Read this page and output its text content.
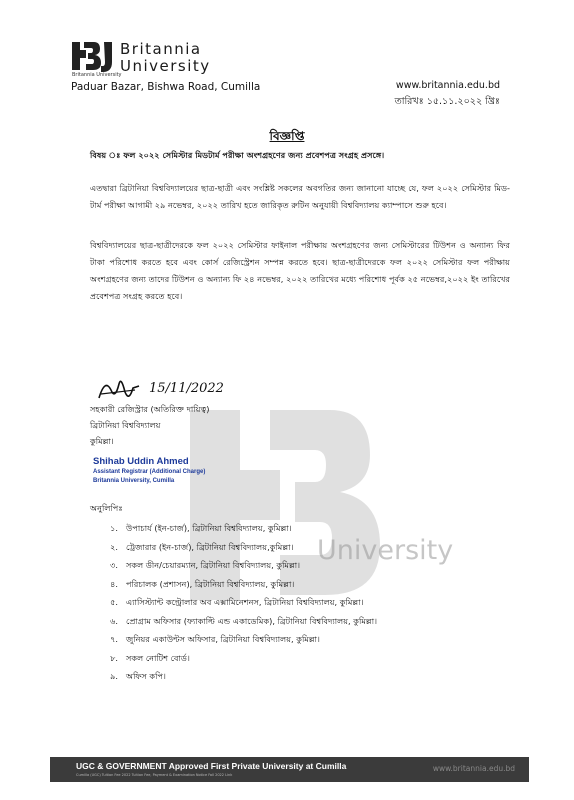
Britannia
University
Britannia University
Paduar Bazar, Bishwa Road, Cumilla	www.britannia.edu.bd
তারিখঃ ১৫.১১.২০২২ খ্রিঃ
University
বিজ্ঞপ্তি
বিষয় ঃ ফল ২০২২ সেমিস্টার মিডটার্ম পরীক্ষা অংশগ্রহণের জন্য প্রবেশপত্র সংগ্রহ প্রসঙ্গে।
এতদ্বারা ব্রিটানিয়া বিশ্ববিদ্যালয়ের ছাত্র-ছাত্রী এবং সংশ্লিষ্ট সকলের অবগতির জন্য জানানো যাচ্ছে যে, ফল ২০২২ সেমিস্টার মিড-টার্ম পরীক্ষা আগামী ২৯ নভেম্বর, ২০২২ তারিখ হতে জারিকৃত রুটিন অনুযায়ী বিশ্ববিদ্যালয় ক্যাম্পাসে শুরু হবে।
বিশ্ববিদ্যালয়ের ছাত্র-ছাত্রীদেরকে ফল ২০২২ সেমিস্টার ফাইনাল পরীক্ষায় অংশগ্রহণের জন্য সেমিস্টারের টিউশন ও অন্যান্য ফির টাকা পরিশোধ করতে হবে এবং কোর্স রেজিস্ট্রেশন সম্পন্ন করতে হবে। ছাত্র-ছাত্রীদেরকে ফল ২০২২ সেমিস্টার ফল পরীক্ষায় অংশগ্রহণের জন্য তাদের টিউশন ও অন্যান্য ফি ২৪ নভেম্বর, ২০২২ তারিখের মধ্যে পরিশোধ পূর্বক ২৫ নভেম্বর,২০২২ ইং তারিখের প্রবেশপত্র সংগ্রহ করতে হবে।
15/11/2022
সহকারী রেজিস্ট্রার (অতিরিক্ত দায়িত্ব)
ব্রিটানিয়া বিশ্ববিদ্যালয়
কুমিল্লা।
Shihab Uddin Ahmed
Assistant Registrar (Additional Charge)
Britannia University, Cumilla
অনুলিপিঃ
১. উপাচার্য (ইন-চার্জ), ব্রিটানিয়া বিশ্ববিদ্যালয়, কুমিল্লা।
২. ট্রেজারার (ইন-চার্জ), ব্রিটানিয়া বিশ্ববিদ্যালয়,কুমিল্লা।
৩. সকল ডীন/চেয়ারম্যান, ব্রিটানিয়া বিশ্ববিদ্যালয়, কুমিল্লা।
৪. পরিচালক (প্রশাসন), ব্রিটানিয়া বিশ্ববিদ্যালয়, কুমিল্লা।
৫. এ্যাসিস্ট্যান্ট কন্ট্রোলার অব এক্সামিনেশনস, ব্রিটানিয়া বিশ্ববিদ্যালয়, কুমিল্লা।
৬. প্রোগ্রাম অফিসার (ফ্যাকাল্টি এন্ড একাডেমিক), ব্রিটানিয়া বিশ্ববিদ্যালয়, কুমিল্লা।
৭. জুনিয়র একাউন্টস অফিসার, ব্রিটানিয়া বিশ্ববিদ্যালয়, কুমিল্লা।
৮. সকল নোটিশ বোর্ড।
৯. অফিস কপি।
UGC & GOVERNMENT Approved First Private University at Cumilla
Cumilla (UGC) Tuition Fee 2022 Tuition Fee, Payment & Examination Notice Fall 2022 Link
www.britannia.edu.bd
